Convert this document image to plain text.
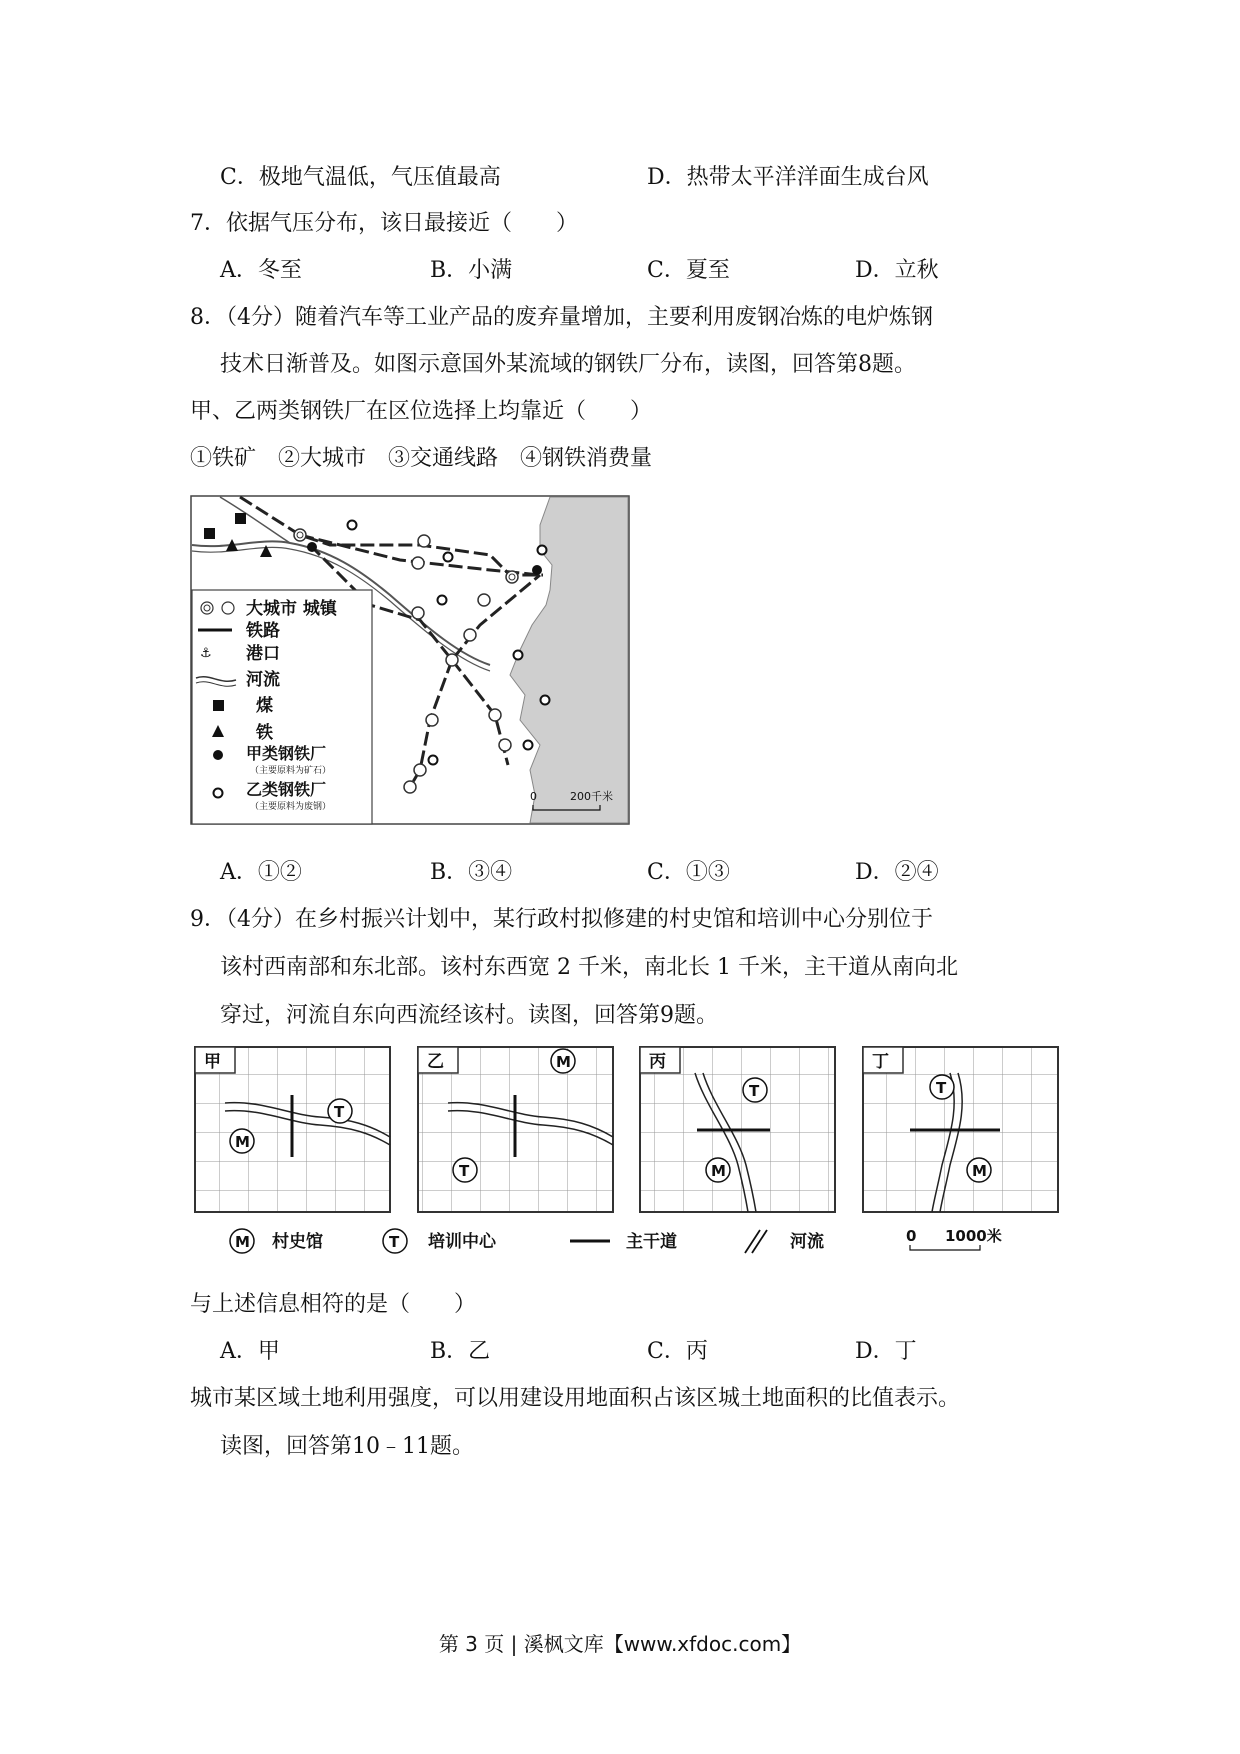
C．极地气温低，气压值最高	D．热带太平洋洋面生成台风
7．依据气压分布，该日最接近（　　）
A．冬至	B．小满	C．夏至	D．立秋
8．（4分）随着汽车等工业产品的废弃量增加，主要利用废钢冶炼的电炉炼钢
技术日渐普及。如图示意国外某流域的钢铁厂分布，读图，回答第8题。
甲、乙两类钢铁厂在区位选择上均靠近（　　）
①铁矿　②大城市　③交通线路　④钢铁消费量
大城市 城镇
铁路
⚓ 港口
河流
煤
铁
甲类钢铁厂
（主要原料为矿石）
乙类钢铁厂
（主要原料为废钢）
0	200千米
A．①②	B．③④	C．①③	D．②④
9．（4分）在乡村振兴计划中，某行政村拟修建的村史馆和培训中心分别位于
该村西南部和东北部。该村东西宽 2 千米，南北长 1 千米，主干道从南向北
穿过，河流自东向西流经该村。读图，回答第9题。
甲
T
M
乙	M
T
丙
T
M
丁
T
M
M 村史馆	T 培训中心	主干道	河流	0 1000米
与上述信息相符的是（　　）
A．甲	B．乙	C．丙	D．丁
城市某区域土地利用强度，可以用建设用地面积占该区城土地面积的比值表示。
读图，回答第10﹣11题。
第 3 页 | 溪枫文库【www.xfdoc.com】
